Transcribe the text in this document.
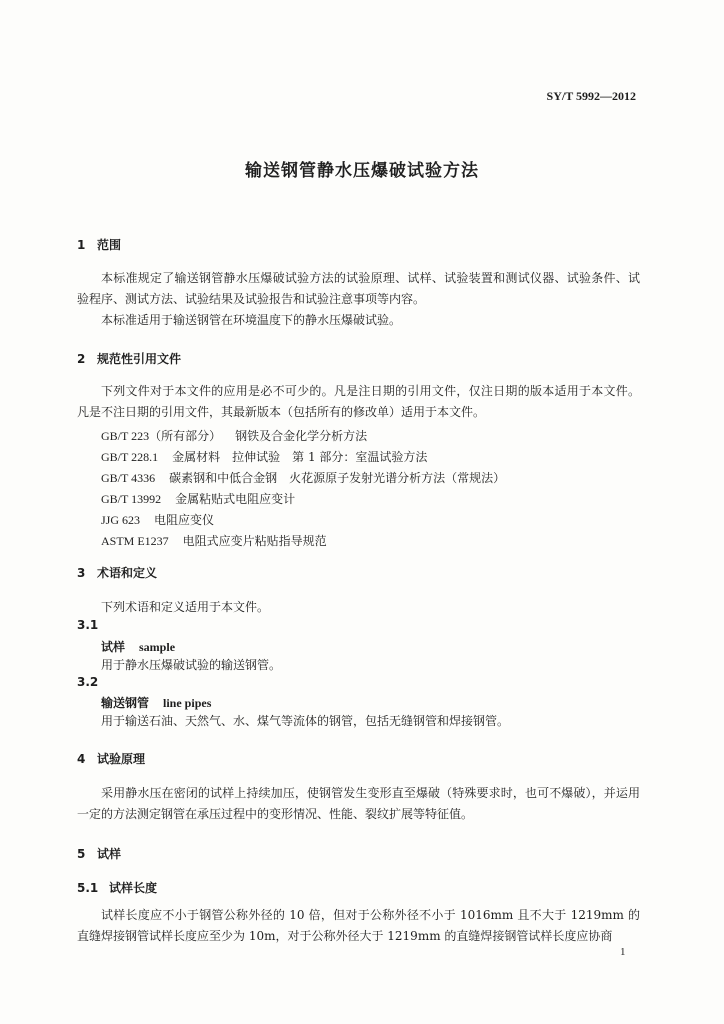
SY/T 5992—2012
输送钢管静水压爆破试验方法
1 范围
本标准规定了输送钢管静水压爆破试验方法的试验原理、试样、试验装置和测试仪器、试验条件、试验程序、测试方法、试验结果及试验报告和试验注意事项等内容。
本标准适用于输送钢管在环境温度下的静水压爆破试验。
2 规范性引用文件
下列文件对于本文件的应用是必不可少的。凡是注日期的引用文件，仅注日期的版本适用于本文件。凡是不注日期的引用文件，其最新版本（包括所有的修改单）适用于本文件。
GB/T 223（所有部分） 钢铁及合金化学分析方法
GB/T 228.1 金属材料　拉伸试验　第 1 部分：室温试验方法
GB/T 4336 碳素钢和中低合金钢　火花源原子发射光谱分析方法（常规法）
GB/T 13992 金属粘贴式电阻应变计
JJG 623 电阻应变仪
ASTM E1237 电阻式应变片粘贴指导规范
3 术语和定义
下列术语和定义适用于本文件。
3.1
试样 sample
用于静水压爆破试验的输送钢管。
3.2
输送钢管 line pipes
用于输送石油、天然气、水、煤气等流体的钢管，包括无缝钢管和焊接钢管。
4 试验原理
采用静水压在密闭的试样上持续加压，使钢管发生变形直至爆破（特殊要求时，也可不爆破），并运用一定的方法测定钢管在承压过程中的变形情况、性能、裂纹扩展等特征值。
5 试样
5.1 试样长度
试样长度应不小于钢管公称外径的 10 倍，但对于公称外径不小于 1016mm 且不大于 1219mm 的直缝焊接钢管试样长度应至少为 10m，对于公称外径大于 1219mm 的直缝焊接钢管试样长度应协商
1
